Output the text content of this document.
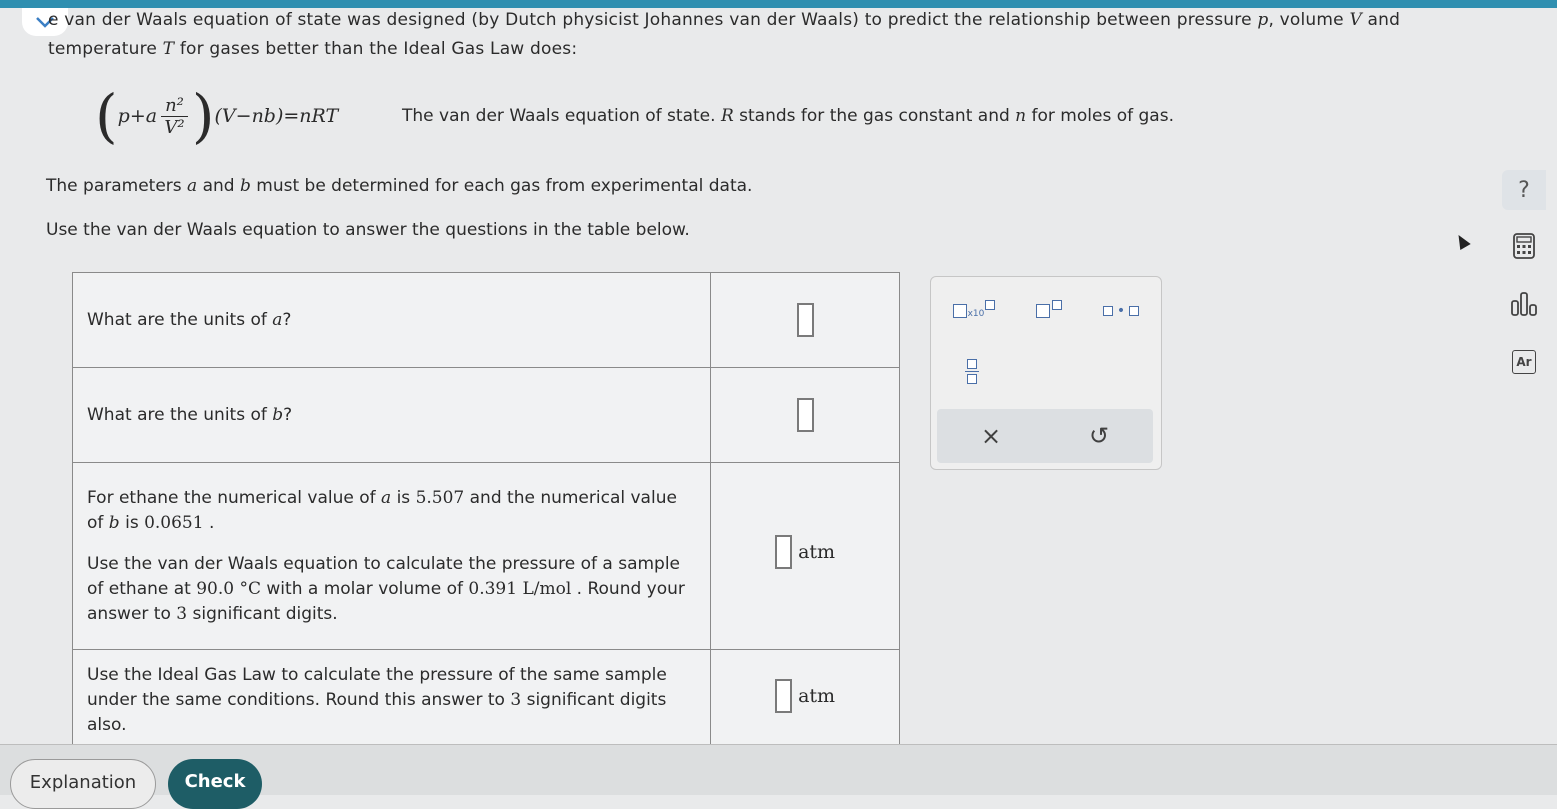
e van der Waals equation of state was designed (by Dutch physicist Johannes van der Waals) to predict the relationship between pressure p, volume V and
temperature T for gases better than the Ideal Gas Law does:
( p + a $\frac{\text{n²}}{\text{V²}}$ ) (V−nb)=nRT	The van der Waals equation of state. R stands for the gas constant and n for moles of gas.
The parameters a and b must be determined for each gas from experimental data.
Use the van der Waals equation to answer the questions in the table below.
What are the units of a?	
What are the units of b?	

For ethane the numerical value of a is 5.507 and the numerical value of b is 0.0651 .

Use the van der Waals equation to calculate the pressure of a sample of ethane at 90.0 °C with a molar volume of 0.391 L/mol . Round your answer to 3 significant digits.	atm

Use the Ideal Gas Law to calculate the pressure of the same sample under the same conditions. Round this answer to 3 significant digits also.	atm
x10	•
×	↺
?
Ar
Explanation	Check
